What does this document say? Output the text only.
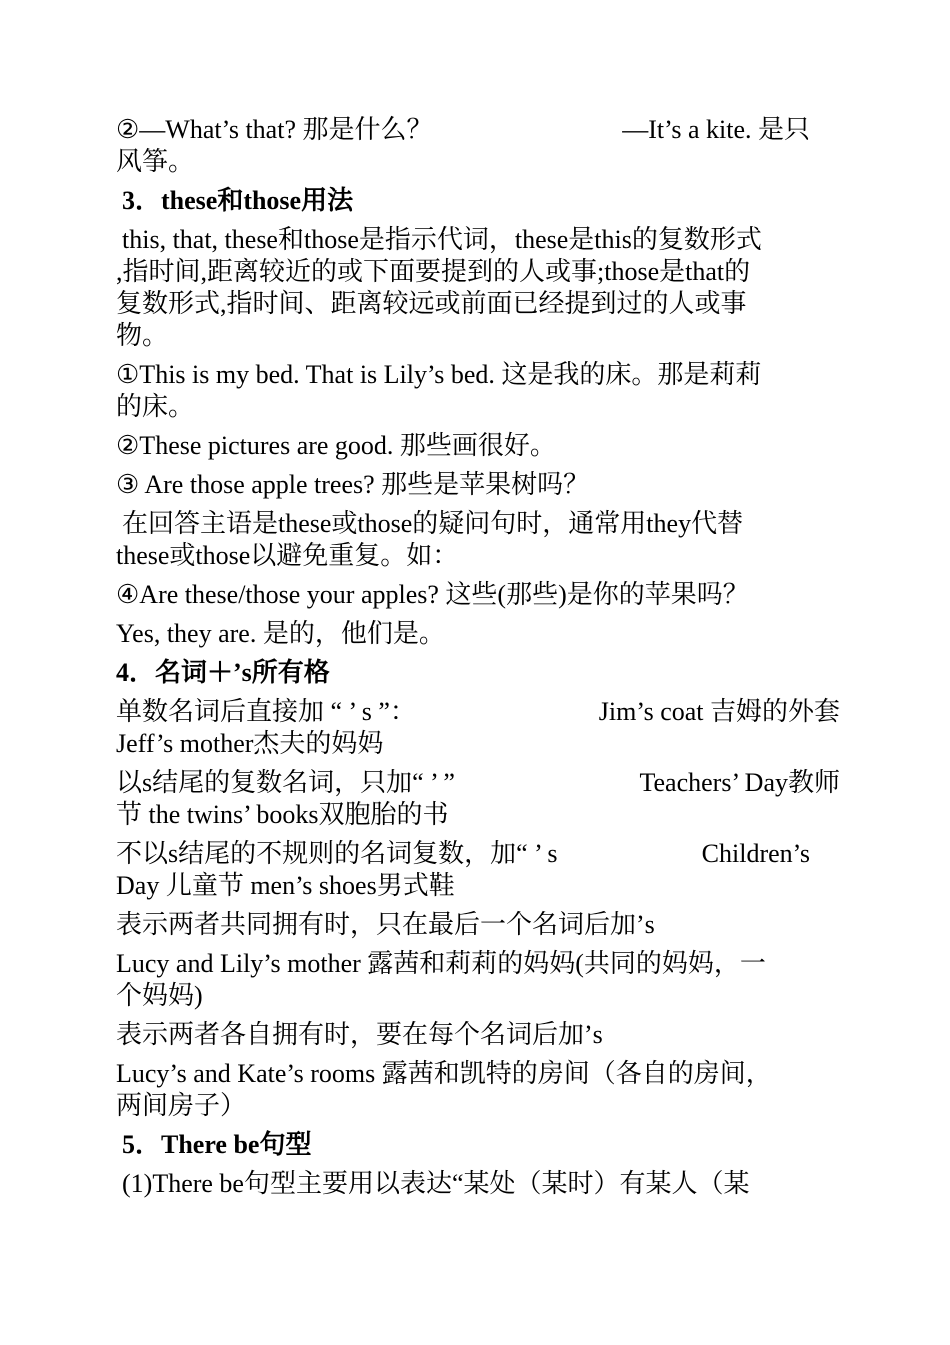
②—What’s that? 那是什么？	—It’s a kite. 是只
风筝。
3．these和those用法
this, that, these和those是指示代词，these是this的复数形式
,指时间,距离较近的或下面要提到的人或事;those是that的
复数形式,指时间、距离较远或前面已经提到过的人或事
物。
①This is my bed. That is Lily’s bed. 这是我的床。那是莉莉
的床。
②These pictures are good. 那些画很好。
③ Are those apple trees? 那些是苹果树吗？
在回答主语是these或those的疑问句时，通常用they代替
these或those以避免重复。如：
④Are these/those your apples? 这些(那些)是你的苹果吗？
Yes, they are. 是的，他们是。
4．名词＋’s所有格
单数名词后直接加 “ ’ s ”：	Jim’s coat 吉姆的外套
Jeff’s mother杰夫的妈妈
以s结尾的复数名词，只加“ ’ ”	Teachers’ Day教师
节 the twins’ books双胞胎的书
不以s结尾的不规则的名词复数，加“ ’ s	Children’s
Day 儿童节 men’s shoes男式鞋
表示两者共同拥有时，只在最后一个名词后加’s
Lucy and Lily’s mother 露茜和莉莉的妈妈(共同的妈妈，一
个妈妈)
表示两者各自拥有时，要在每个名词后加’s
Lucy’s and Kate’s rooms 露茜和凯特的房间（各自的房间，
两间房子）
5．There be句型
(1)There be句型主要用以表达“某处（某时）有某人（某
